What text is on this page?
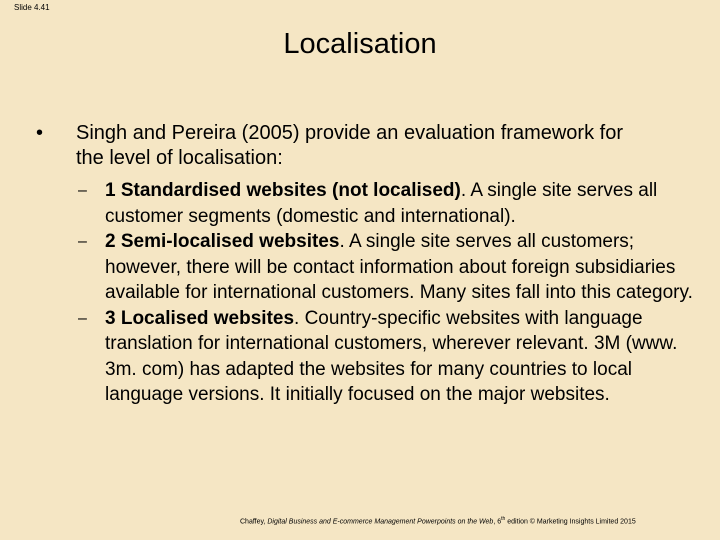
Slide 4.41
Localisation
• Singh and Pereira (2005) provide an evaluation framework for the level of localisation:
– 1 Standardised websites (not localised). A single site serves all customer segments (domestic and international).
– 2 Semi-localised websites. A single site serves all customers; however, there will be contact information about foreign subsidiaries available for international customers. Many sites fall into this category.
– 3 Localised websites. Country-specific websites with language translation for international customers, wherever relevant. 3M (www. 3m. com) has adapted the websites for many countries to local language versions. It initially focused on the major websites.
Chaffey, Digital Business and E-commerce Management Powerpoints on the Web, 6th edition © Marketing Insights Limited 2015
